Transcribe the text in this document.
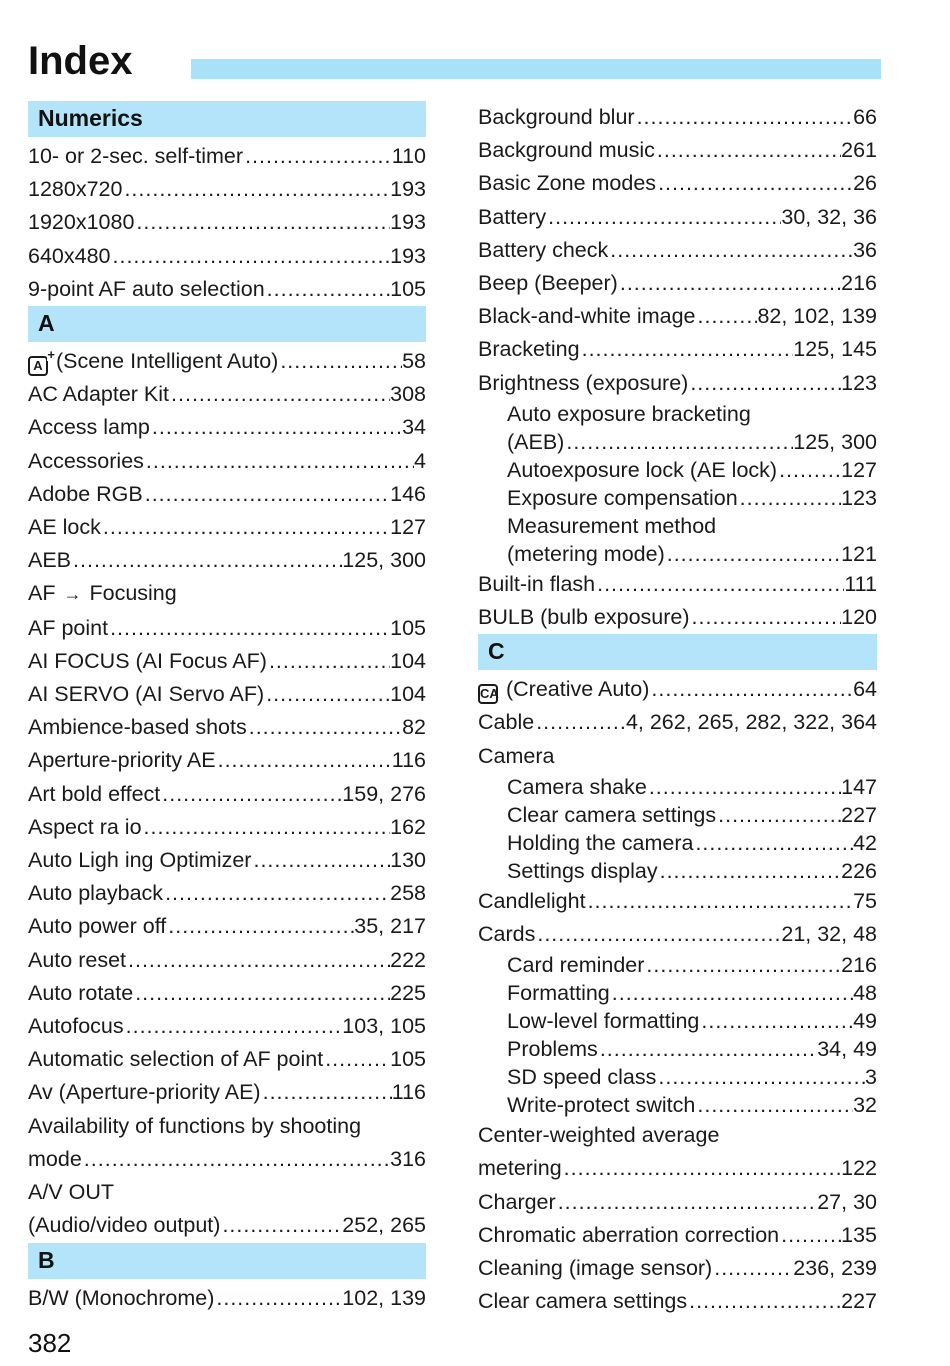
Index
Numerics
10- or 2-sec. self-timer .....	110
1280x720 .....	193
1920x1080 .....	193
640x480 .....	193
9-point AF auto selection .....	105
A
A
+ (Scene Intelligent Auto) .....	58
AC Adapter Kit .....	308
Access lamp .....	34
Accessories .....	4
Adobe RGB .....	146
AE lock .....	127
AEB .....	125, 300
AF → Focusing
AF point .....	105
AI FOCUS (AI Focus AF) .....	104
AI SERVO (AI Servo AF) .....	104
Ambience-based shots .....	82
Aperture-priority AE .....	116
Art bold effect .....	159, 276
Aspect ra io .....	162
Auto Ligh ing Optimizer .....	130
Auto playback .....	258
Auto power off .....	35, 217
Auto reset .....	222
Auto rotate .....	225
Autofocus .....	103, 105
Automatic selection of AF point .....	105
Av (Aperture-priority AE) .....	116
Availability of functions by shooting
mode .....	316
A/V OUT
(Audio/video output) .....	252, 265
B
B/W (Monochrome) .....	102, 139
Background blur .....	66
Background music .....	261
Basic Zone modes .....	26
Battery .....	30, 32, 36
Battery check .....	36
Beep (Beeper) .....	216
Black-and-white image .....	82, 102, 139
Bracketing .....	125, 145
Brightness (exposure) .....	123
Auto exposure bracketing
(AEB) .....	125, 300
Autoexposure lock (AE lock) .....	127
Exposure compensation .....	123
Measurement method
(metering mode) .....	121
Built-in flash .....	111
BULB (bulb exposure) .....	120
C
CA (Creative Auto) .....	64
Cable .....	4, 262, 265, 282, 322, 364
Camera
Camera shake .....	147
Clear camera settings .....	227
Holding the camera .....	42
Settings display .....	226
Candlelight .....	75
Cards .....	21, 32, 48
Card reminder .....	216
Formatting .....	48
Low-level formatting .....	49
Problems .....	34, 49
SD speed class .....	3
Write-protect switch .....	32
Center-weighted average
metering .....	122
Charger .....	27, 30
Chromatic aberration correction .....	135
Cleaning (image sensor) .....	236, 239
Clear camera settings .....	227
382
